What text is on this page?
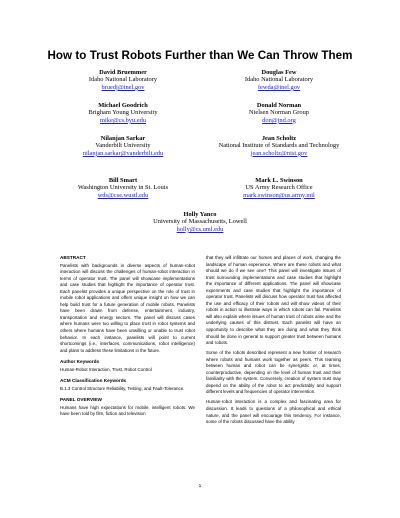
How to Trust Robots Further than We Can Throw Them
David Bruemmer
Idaho National Laboratory
bruedj@inel.gov
Douglas Few
Idaho National Laboratory
fewda@inel.gov
Michael Goodrich
Brigham Young University
mike@cs.byu.edu
Donald Norman
Nielsen Norman Group
don@jnd.org
Nilanjan Sarkar
Vanderbilt University
nilanjan.sarkar@vanderbilt.edu
Jean Scholtz
National Institute of Standards and Technology
jean.scholtz@nist.gov
Bill Smart
Washington University in St. Louis
wds@cse.wustl.edu
Mark L. Swinson
US Army Research Office
mark.swinson@us.army.mil
Holly Yanco
University of Massachusetts, Lowell
holly@cs.uml.edu
ABSTRACT

Panelists with backgrounds in diverse aspects of human-robot interaction will discuss the challenges of human-robot interaction in terms of operator trust. The panel will showcase implementations and case studies that highlight the importance of operator trust. Each panelist provides a unique perspective on the role of trust in mobile robot applications and offers unique insight on how we can help build trust for a future generation of mobile robots. Panelists have been drawn from defense, entertainment, industry, transportation and energy sectors. The panel will discuss cases where humans were too willing to place trust in robot systems and others where humans have been unwilling or unable to trust robot behavior. In each instance, panelists will point to current shortcomings (i.e., interfaces, communications, robot intelligence) and plans to address these limitations in the future.

Author Keywords

Human-Robot Interaction, Trust, Robot Control

ACM Classification Keywords

B.1.3 Control Structure Reliability, Testing, and Fault-Tolerance.

PANEL OVERVIEW

Humans have high expectations for mobile, intelligent robots. We have been told by film, fiction and television

that they will infiltrate our homes and places of work, changing the landscape of human experience. Where are these robots and what should we do if we see one? This panel will investigate issues of trust surrounding implementations and case studies that highlight the importance of different applications. The panel will showcase experiments and case studies that highlight the importance of operator trust. Panelists will discuss how operator trust has affected the use and efficacy of their robots and will show videos of their robots in action to illustrate ways in which robots can fail. Panelists will also explain where issues of human trust of robots arise and the underlying causes of this distrust. Each panelist will have an opportunity to describe what they are doing and what they think should be done in general to support greater trust between humans and robots.

Some of the robots described represent a new frontier of research where robots and humans work together as peers. This teaming between human and robot can be synergistic or, at times, counterproductive, depending on the level of human trust and their familiarity with the system. Conversely, creation of system trust may depend on the ability of the robot to act predictably and support different levels and frequencies of operator intervention.

Human-robot interaction is a complex and fascinating area for discussion. It leads to questions of a philosophical and ethical nature, and the panel will encourage this tendency. For instance, some of the robots discussed have the ability

1
